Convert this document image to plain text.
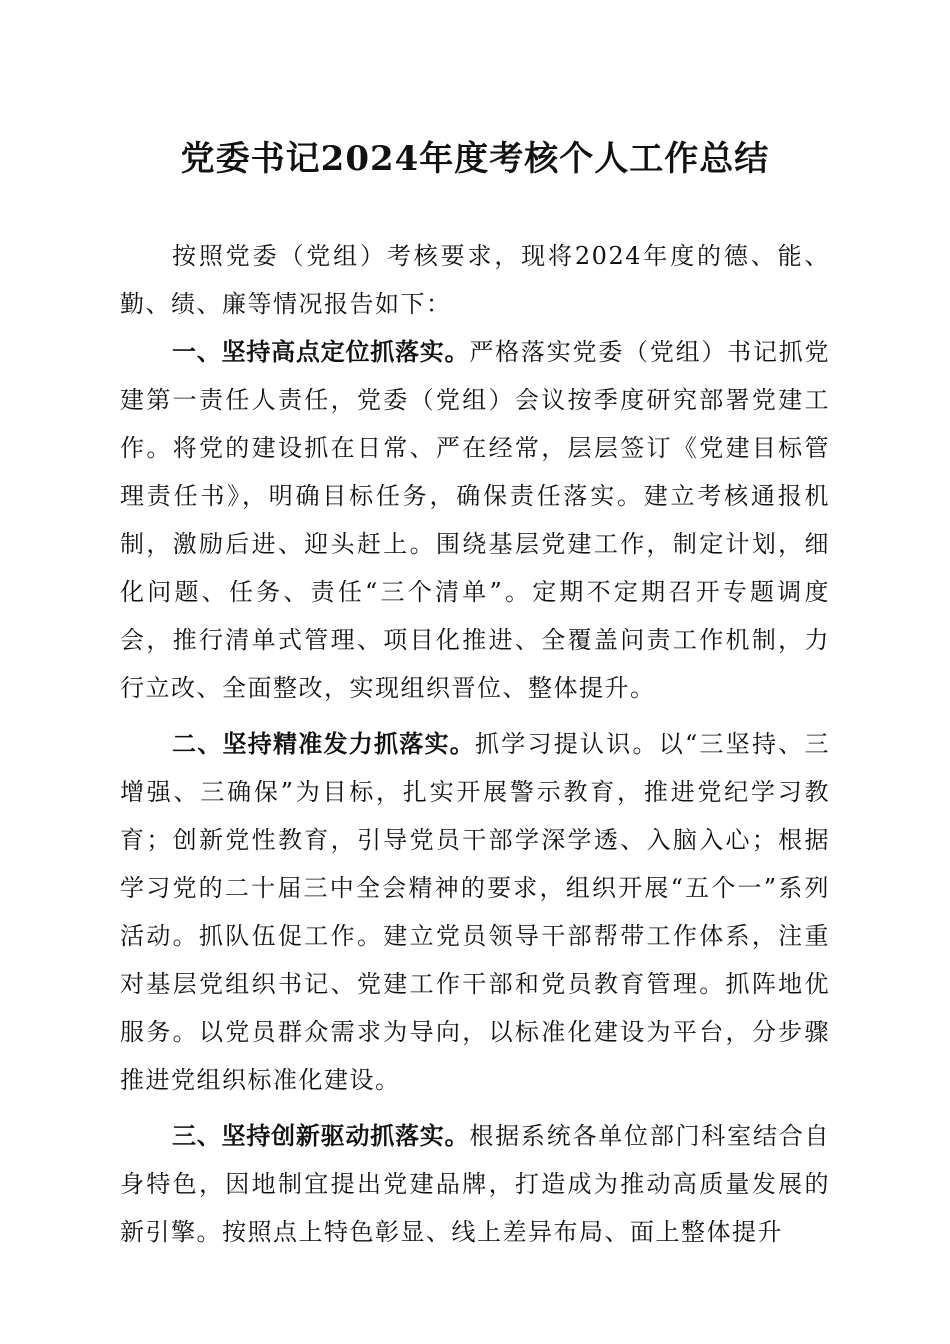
党委书记2024年度考核个人工作总结

按照党委（党组）考核要求，现将2024年度的德、能、勤、绩、廉等情况报告如下：

一、坚持高点定位抓落实。严格落实党委（党组）书记抓党建第一责任人责任，党委（党组）会议按季度研究部署党建工作。将党的建设抓在日常、严在经常，层层签订《党建目标管理责任书》，明确目标任务，确保责任落实。建立考核通报机制，激励后进、迎头赶上。围绕基层党建工作，制定计划，细化问题、任务、责任“三个清单”。定期不定期召开专题调度会，推行清单式管理、项目化推进、全覆盖问责工作机制，力行立改、全面整改，实现组织晋位、整体提升。

二、坚持精准发力抓落实。抓学习提认识。以“三坚持、三增强、三确保”为目标，扎实开展警示教育，推进党纪学习教育；创新党性教育，引导党员干部学深学透、入脑入心；根据学习党的二十届三中全会精神的要求，组织开展“五个一”系列活动。抓队伍促工作。建立党员领导干部帮带工作体系，注重对基层党组织书记、党建工作干部和党员教育管理。抓阵地优服务。以党员群众需求为导向，以标准化建设为平台，分步骤推进党组织标准化建设。

三、坚持创新驱动抓落实。根据系统各单位部门科室结合自身特色，因地制宜提出党建品牌，打造成为推动高质量发展的新引擎。按照点上特色彰显、线上差异布局、面上整体提升
